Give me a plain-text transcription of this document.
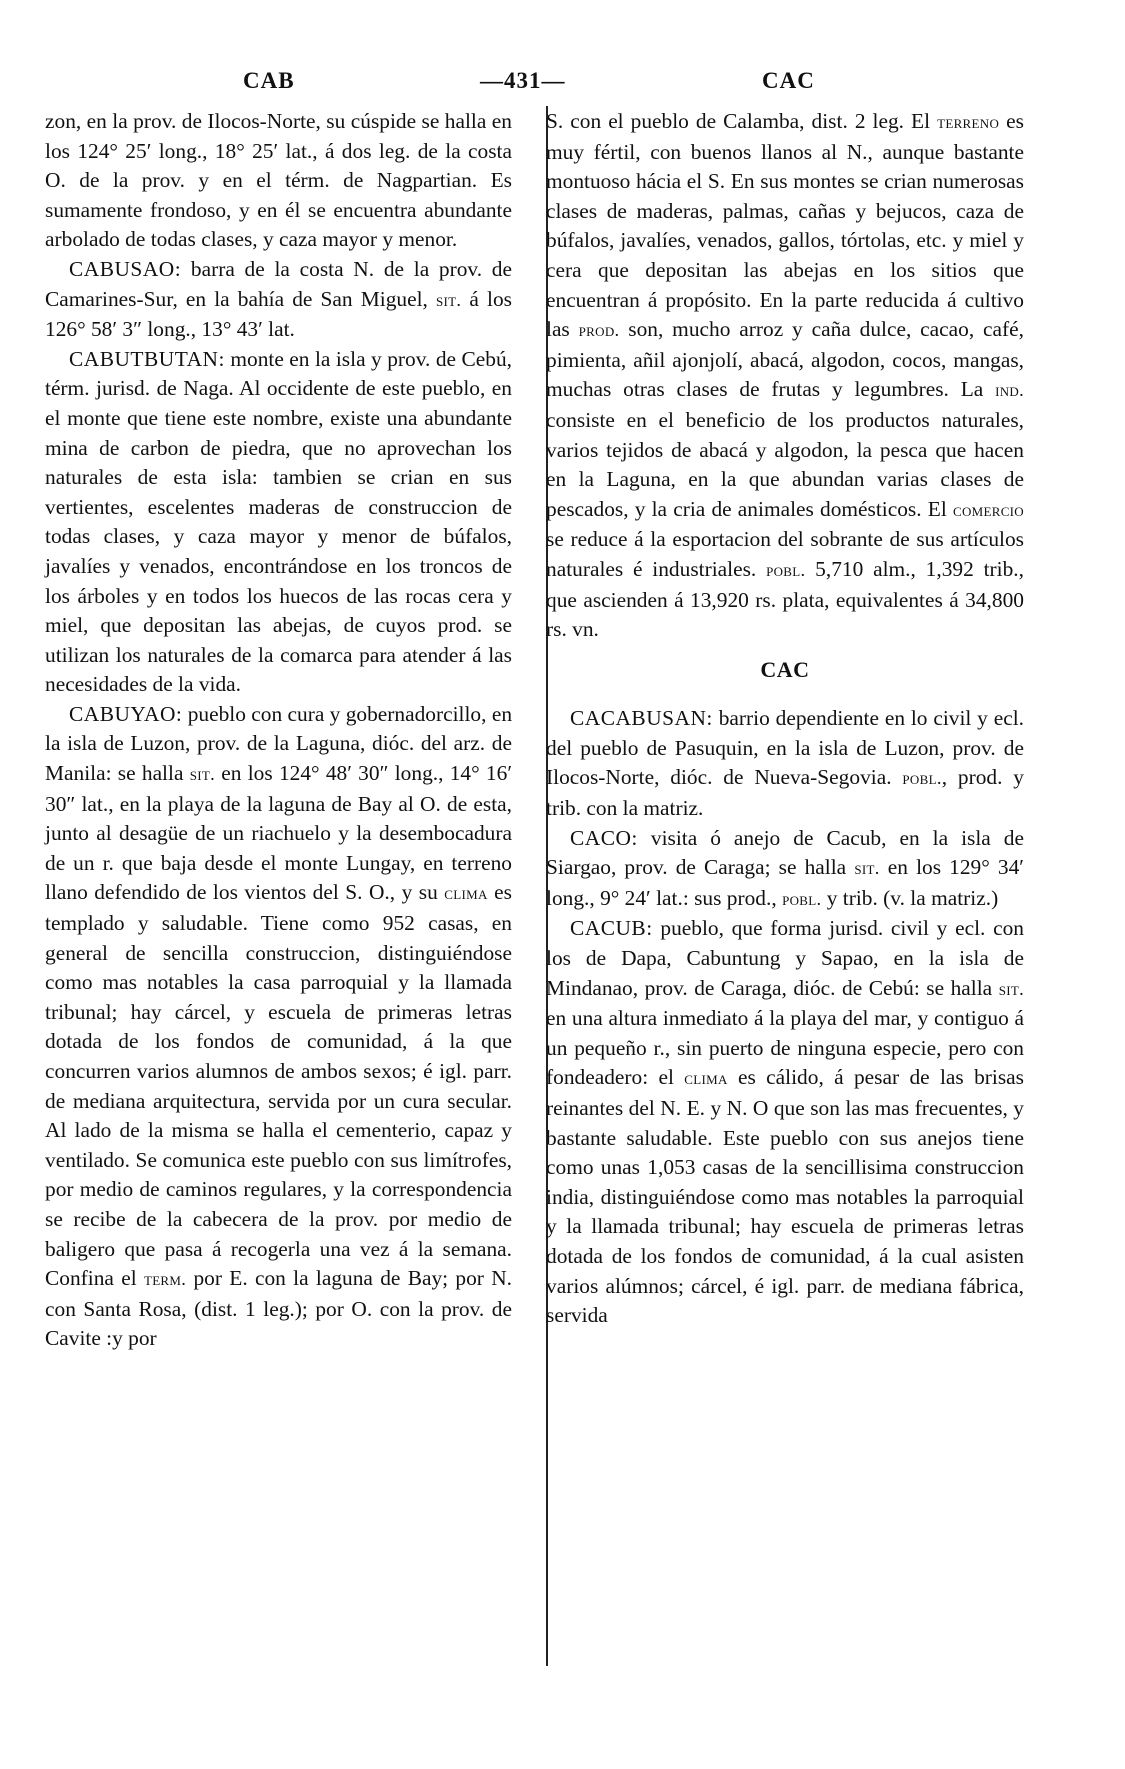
CAB	—431—	CAC

zon, en la prov. de Ilocos-Norte, su cúspide se halla en los 124° 25′ long., 18° 25′ lat., á dos leg. de la costa O. de la prov. y en el térm. de Nagpartian. Es sumamente frondoso, y en él se encuentra abundante arbolado de todas clases, y caza mayor y menor.

CABUSAO: barra de la costa N. de la prov. de Camarines-Sur, en la bahía de San Miguel, sit. á los 126° 58′ 3″ long., 13° 43′ lat.

CABUTBUTAN: monte en la isla y prov. de Cebú, térm. jurisd. de Naga. Al occidente de este pueblo, en el monte que tiene este nombre, existe una abundante mina de carbon de piedra, que no aprovechan los naturales de esta isla: tambien se crian en sus vertientes, escelentes maderas de construccion de todas clases, y caza mayor y menor de búfalos, javalíes y venados, encontrándose en los troncos de los árboles y en todos los huecos de las rocas cera y miel, que depositan las abejas, de cuyos prod. se utilizan los naturales de la comarca para atender á las necesidades de la vida.

CABUYAO: pueblo con cura y gobernadorcillo, en la isla de Luzon, prov. de la Laguna, dióc. del arz. de Manila: se halla sit. en los 124° 48′ 30″ long., 14° 16′ 30″ lat., en la playa de la laguna de Bay al O. de esta, junto al desagüe de un riachuelo y la desembocadura de un r. que baja desde el monte Lungay, en terreno llano defendido de los vientos del S. O., y su clima es templado y saludable. Tiene como 952 casas, en general de sencilla construccion, distinguiéndose como mas notables la casa parroquial y la llamada tribunal; hay cárcel, y escuela de primeras letras dotada de los fondos de comunidad, á la que concurren varios alumnos de ambos sexos; é igl. parr. de mediana arquitectura, servida por un cura secular. Al lado de la misma se halla el cementerio, capaz y ventilado. Se comunica este pueblo con sus limítrofes, por medio de caminos regulares, y la correspondencia se recibe de la cabecera de la prov. por medio de baligero que pasa á recogerla una vez á la semana. Confina el term. por E. con la laguna de Bay; por N. con Santa Rosa, (dist. 1 leg.); por O. con la prov. de Cavite :y por

S. con el pueblo de Calamba, dist. 2 leg. El terreno es muy fértil, con buenos llanos al N., aunque bastante montuoso hácia el S. En sus montes se crian numerosas clases de maderas, palmas, cañas y bejucos, caza de búfalos, javalíes, venados, gallos, tórtolas, etc. y miel y cera que depositan las abejas en los sitios que encuentran á propósito. En la parte reducida á cultivo las prod. son, mucho arroz y caña dulce, cacao, café, pimienta, añil ajonjolí, abacá, algodon, cocos, mangas, muchas otras clases de frutas y legumbres. La ind. consiste en el beneficio de los productos naturales, varios tejidos de abacá y algodon, la pesca que hacen en la Laguna, en la que abundan varias clases de pescados, y la cria de animales domésticos. El comercio se reduce á la esportacion del sobrante de sus artículos naturales é industriales. pobl. 5,710 alm., 1,392 trib., que ascienden á 13,920 rs. plata, equivalentes á 34,800 rs. vn.

CAC

CACABUSAN: barrio dependiente en lo civil y ecl. del pueblo de Pasuquin, en la isla de Luzon, prov. de Ilocos-Norte, dióc. de Nueva-Segovia. pobl., prod. y trib. con la matriz.

CACO: visita ó anejo de Cacub, en la isla de Siargao, prov. de Caraga; se halla sit. en los 129° 34′ long., 9° 24′ lat.: sus prod., pobl. y trib. (v. la matriz.)

CACUB: pueblo, que forma jurisd. civil y ecl. con los de Dapa, Cabuntung y Sapao, en la isla de Mindanao, prov. de Caraga, dióc. de Cebú: se halla sit. en una altura inmediato á la playa del mar, y contiguo á un pequeño r., sin puerto de ninguna especie, pero con fondeadero: el clima es cálido, á pesar de las brisas reinantes del N. E. y N. O que son las mas frecuentes, y bastante saludable. Este pueblo con sus anejos tiene como unas 1,053 casas de la sencillisima construccion india, distinguiéndose como mas notables la parroquial y la llamada tribunal; hay escuela de primeras letras dotada de los fondos de comunidad, á la cual asisten varios alúmnos; cárcel, é igl. parr. de mediana fábrica, servida
